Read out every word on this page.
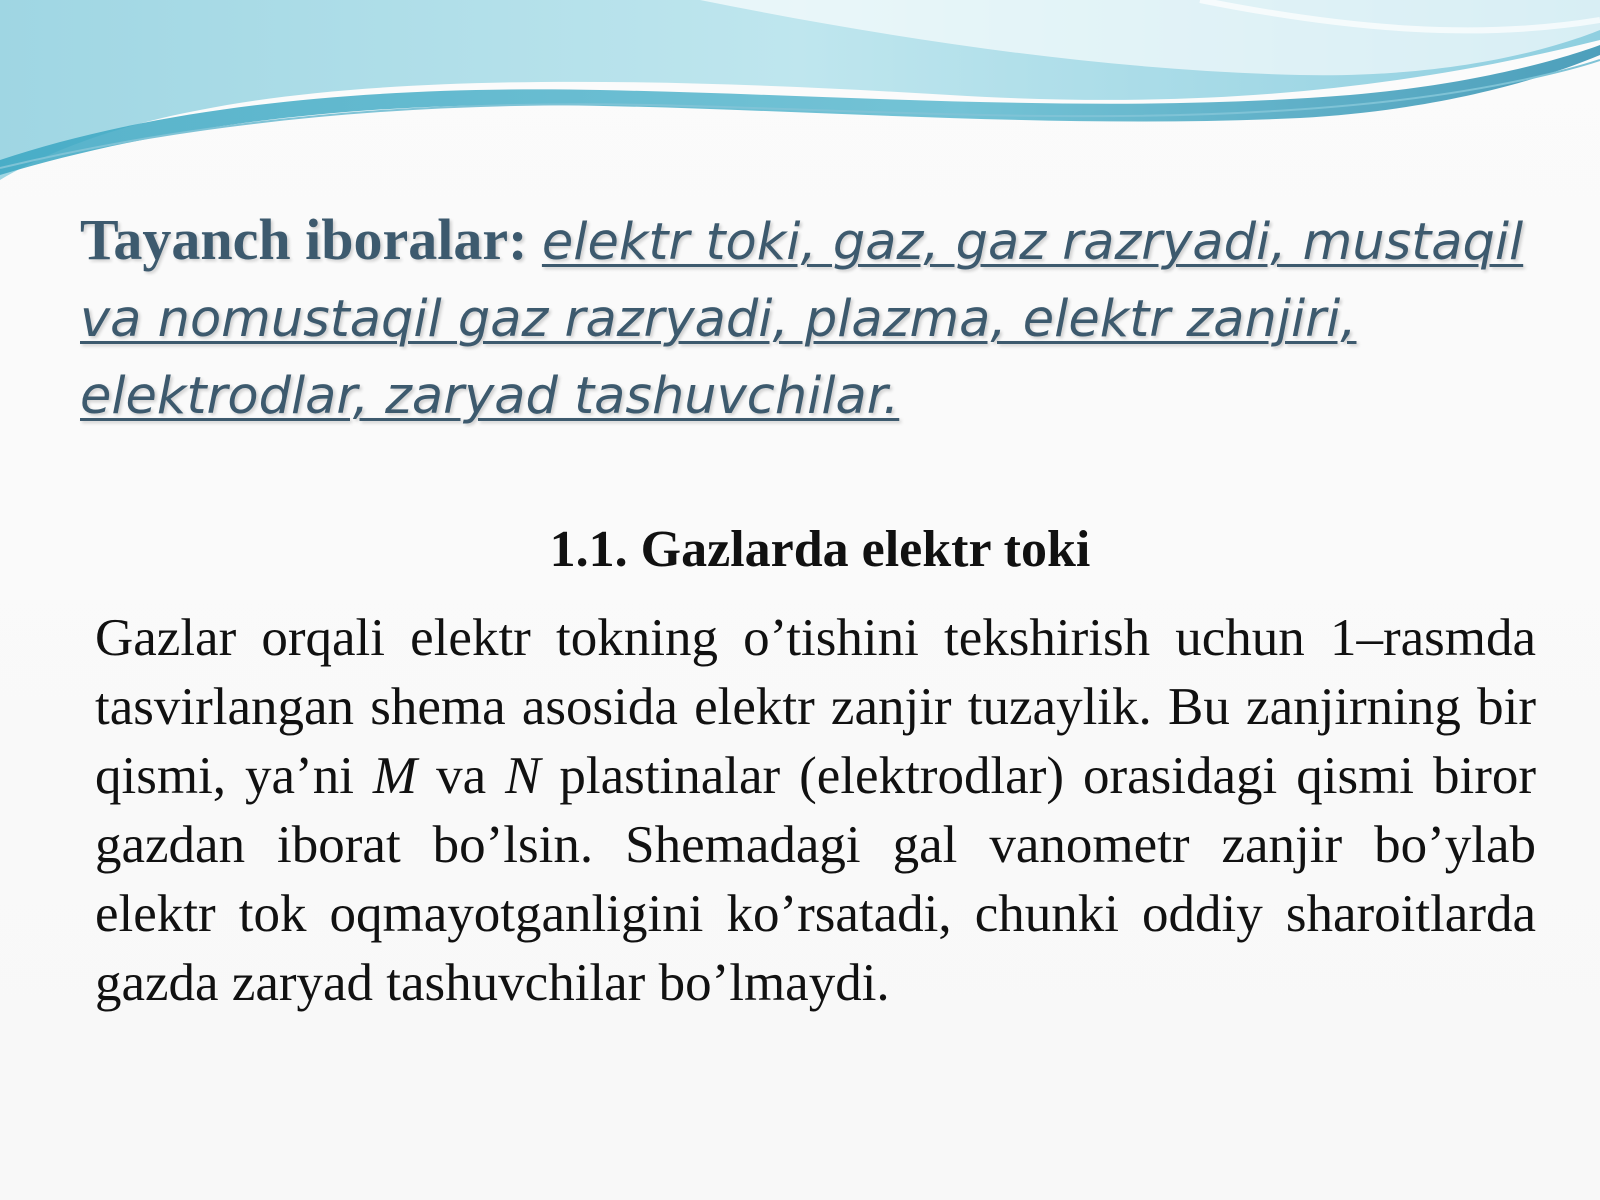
Tayanch iboralar: elektr toki, gaz, gaz razryadi, mustaqil va nomustaqil gaz razryadi, plazma, elektr zanjiri, elektrodlar, zaryad tashuvchilar.
1.1. Gazlarda elektr toki
Gazlar orqali elektr tokning o’tishini tekshirish uchun 1–rasmda tasvirlangan shema asosida elektr zanjir tuzaylik. Bu zanjirning bir qismi, ya’ni M va N plastinalar (elektrodlar) orasidagi qismi biror gazdan iborat bo’lsin. Shemadagi gal vanometr zanjir bo’ylab elektr tok oqmayotganligini ko’rsatadi, chunki oddiy sharoitlarda gazda zaryad tashuvchilar bo’lmaydi.
